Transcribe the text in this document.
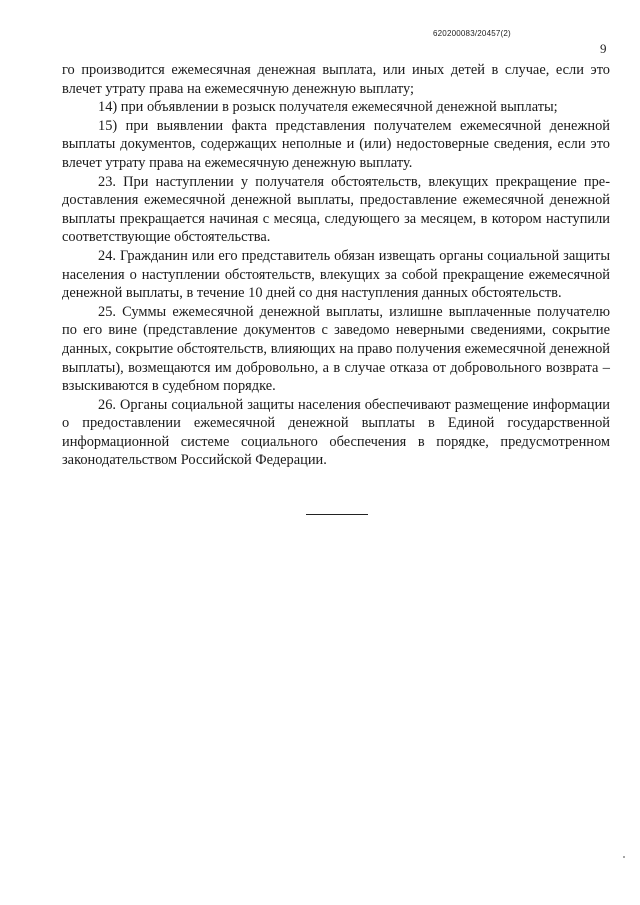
620200083/20457(2)
9

го производится ежемесячная денежная выплата, или иных детей в случае, если это влечет утрату права на ежемесячную денежную выплату;

14) при объявлении в розыск получателя ежемесячной денежной выплаты;

15) при выявлении факта представления получателем ежемесячной денежной выплаты документов, содержащих неполные и (или) недостоверные сведения, если это влечет утрату права на ежемесячную денежную выплату.

23. При наступлении у получателя обстоятельств, влекущих прекращение предоставления ежемесячной денежной выплаты, предоставление ежемесячной денежной выплаты прекращается начиная с месяца, следующего за месяцем, в котором наступили соответствующие обстоятельства.

24. Гражданин или его представитель обязан извещать органы социальной защиты населения о наступлении обстоятельств, влекущих за собой прекращение ежемесячной денежной выплаты, в течение 10 дней со дня наступления данных обстоятельств.

25. Суммы ежемесячной денежной выплаты, излишне выплаченные получателю по его вине (представление документов с заведомо неверными сведениями, сокрытие данных, сокрытие обстоятельств, влияющих на право получения ежемесячной денежной выплаты), возмещаются им добровольно, а в случае отказа от добровольного возврата – взыскиваются в судебном порядке.

26. Органы социальной защиты населения обеспечивают размещение информации о предоставлении ежемесячной денежной выплаты в Единой государственной информационной системе социального обеспечения в порядке, предусмотренном законодательством Российской Федерации.
